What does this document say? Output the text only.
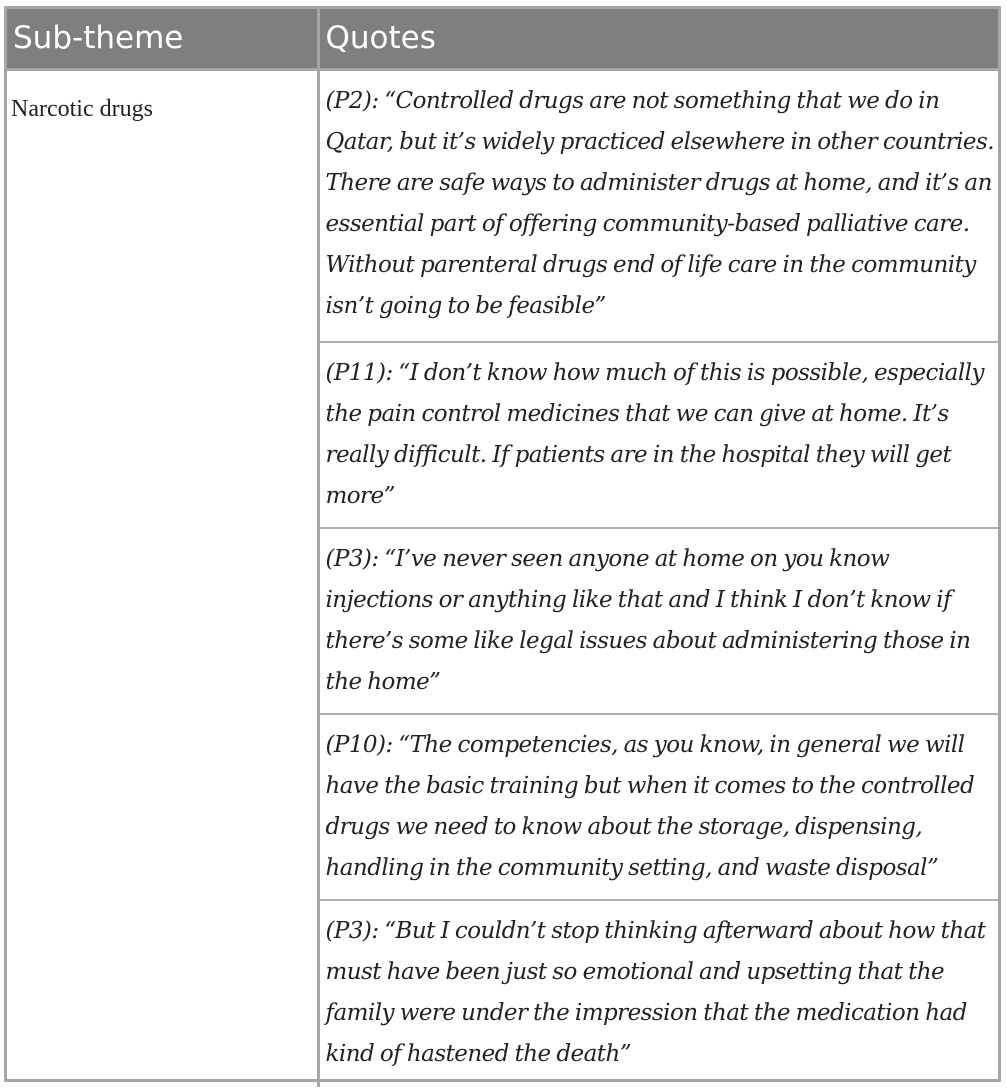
Sub-theme	Quotes
Narcotic drugs	(P2): “Controlled drugs are not something that we do in Qatar, but it’s widely practiced elsewhere in other countries. There are safe ways to administer drugs at home, and it’s an essential part of offering community-based palliative care. Without parenteral drugs end of life care in the community isn’t going to be feasible”
	(P11): “I don’t know how much of this is possible, especially the pain control medicines that we can give at home. It’s really difficult. If patients are in the hospital they will get more”
	(P3): “I’ve never seen anyone at home on you know injections or anything like that and I think I don’t know if there’s some like legal issues about administering those in the home”
	(P10): “The competencies, as you know, in general we will have the basic training but when it comes to the controlled drugs we need to know about the storage, dispensing, handling in the community setting, and waste disposal”
	(P3): “But I couldn’t stop thinking afterward about how that must have been just so emotional and upsetting that the family were under the impression that the medication had kind of hastened the death”
